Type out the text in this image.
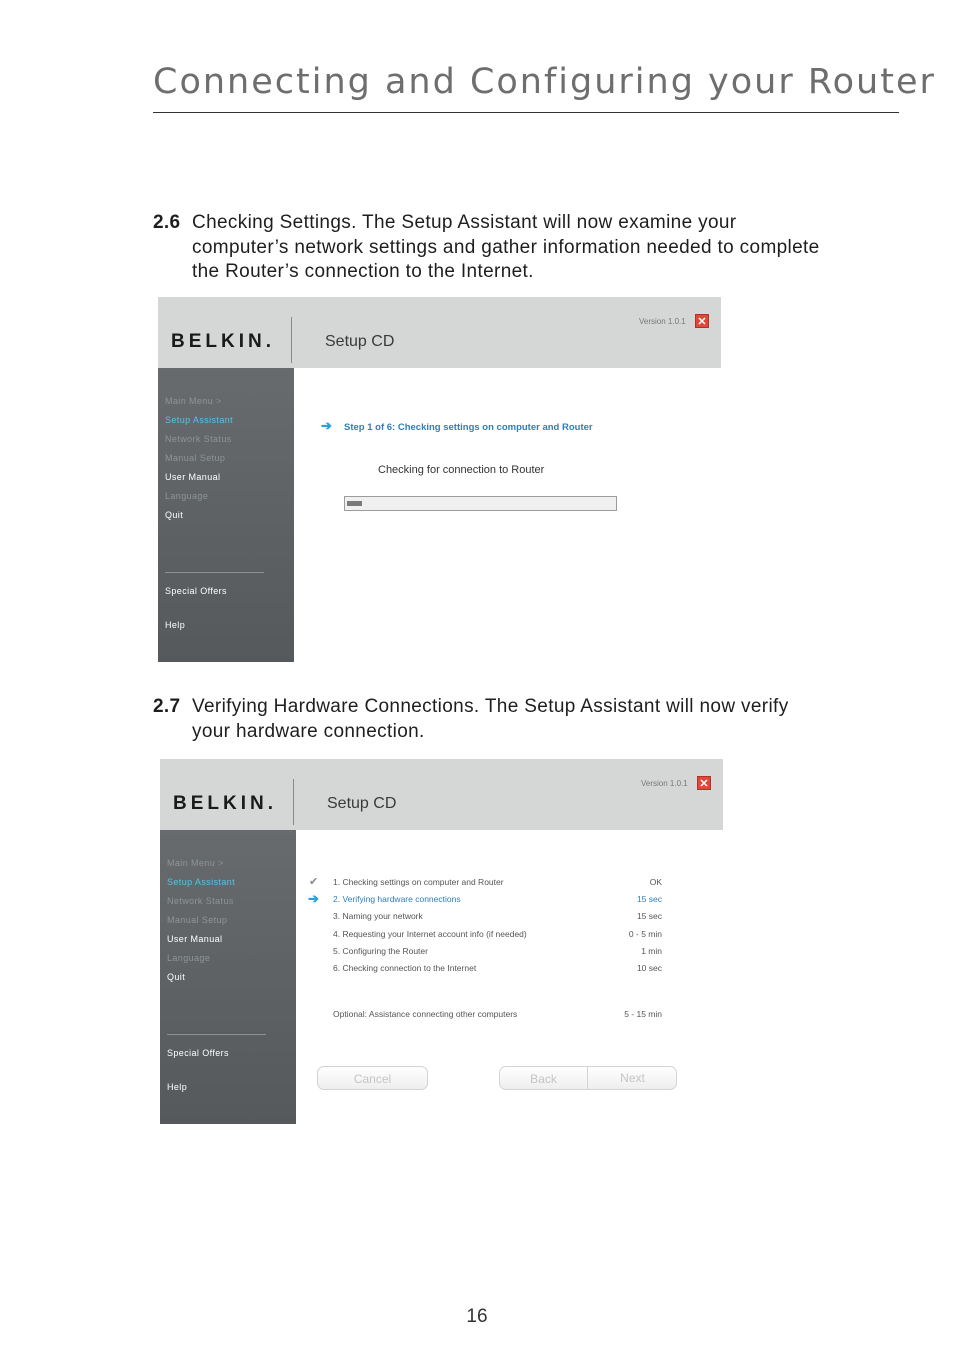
Connecting and Configuring your Router
2.6 Checking Settings. The Setup Assistant will now examine your computer’s network settings and gather information needed to complete the Router’s connection to the Internet.
BELKIN.	Setup CD
Version 1.0.1 ✕
Main Menu >
Setup Assistant
Network Status
Manual Setup
User Manual
Language
Quit
Special Offers
Help
➔ Step 1 of 6: Checking settings on computer and Router
Checking for connection to Router
2.7 Verifying Hardware Connections. The Setup Assistant will now verify your hardware connection.
BELKIN.	Setup CD
Version 1.0.1 ✕
Main Menu >
Setup Assistant
Network Status
Manual Setup
User Manual
Language
Quit
Special Offers
Help
✔
➔
1. Checking settings on computer and Router	OK
2. Verifying hardware connections	15 sec
3. Naming your network	15 sec
4. Requesting your Internet account info (if needed)	0 - 5 min
5. Configuring the Router	1 min
6. Checking connection to the Internet	10 sec
Optional: Assistance connecting other computers	5 - 15 min
Cancel	Back	Next
16
